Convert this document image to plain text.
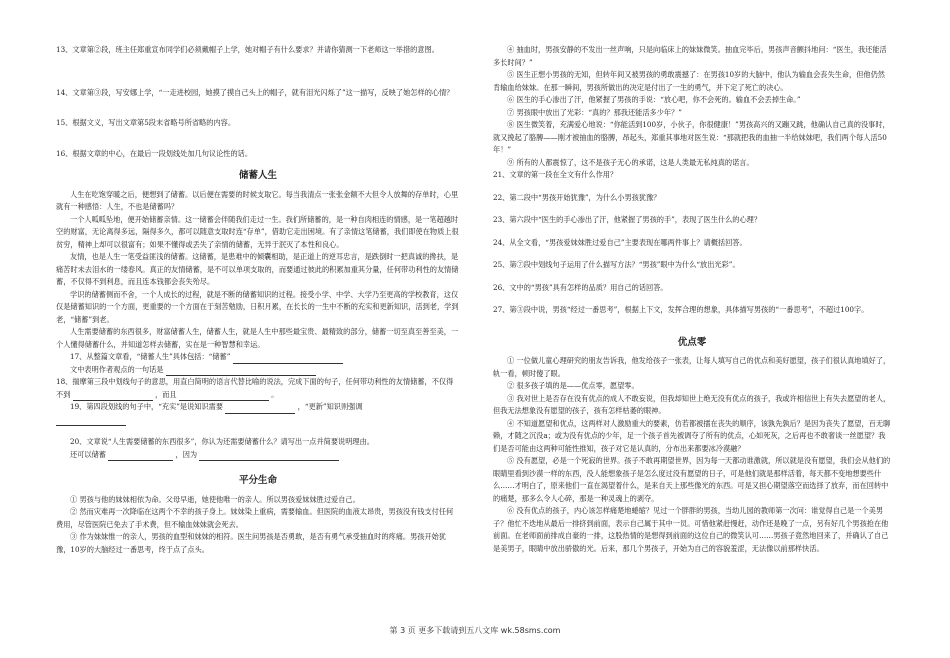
13、文章第②段，班主任郑重宣布同学们必须戴帽子上学，她对帽子有什么要求？并请你猜测一下老师这一举措的意图。

14、文章第③段，写安娜上学，“一走进校园，她摸了摸自己头上的帽子，就有泪光闪烁了”这一描写，反映了她怎样的心情？

15、根据文义，写出文章第5段末省略号所省略的内容。

16、根据文章的中心，在最后一段划线处加几句议论性的话。

储蓄人生

人生在吃饱穿暖之后，便想到了储蓄。以后便在需要的时候支取它。每当我清点一张张金额不大但令人放舞的存单时，心里就有一种感悟：人生，不也是储蓄吗？

一个人呱呱坠地，便开始储蓄亲情。这一储蓄会伴随我们走过一生。我们所储蓄的，是一种自肉相连的情感，是一笔超越时空的财富，无论离得多远，隔得多久，都可以随意支取时连“存单”，借助它走出困境。有了亲情这笔储蓄，我们即使在物质上很贫穷，精神上却可以很富有；如果不懂得或丢失了亲情的储蓄，无异于泯灭了本性和良心。

友情，也是人生一笔受益匪浅的储蓄。这储蓄，是患难中的倾囊相助，是正道上的逆耳忠言，是跌倒时一把真诚的搀扶，是痛苦时未去泪水的一缕春风。真正的友情储蓄，是不可以单项支取的，而要通过彼此的积累加重其分量，任何带功利性的友情储蓄，不仅得不到利息，而且连本钱都会丧失殆尽。

学识的储蓄侧而不舍，一个人成长的过程，就是不断的储蓄知识的过程。接受小学、中学、大学乃至更高的学校教育，这仅仅是储蓄知识的一个方面，更重要的一个方面在于刻苦勉励，日积月累，在长长的一生中不断的充实和更新知识，活到老，学到老，“储蓄”到老。

人生需要储蓄的东西很多，财富储蓄人生，储蓄人生，就是人生中那些最宝贵、最精致的部分，储蓄一切至真至善至美，一个人懂得储蓄什么，并知道怎样去储蓄，实在是一种智慧和幸运。

17、从整篇文章看，“储蓄人生”具体包括：“储蓄”

文中表明作者观点的一句话是

18、揣摩第三段中划线句子的意思，用直白简明的语言代替比喻的说法，完成下面的句子，任何带功利性的友情储蓄，不仅得不到	，而且	。

19、第四段划线的句子中，“充实”是说知识需要	，“更新”知识则强调

20、文章说“人生需要储蓄的东西很多”，你认为还需要储蓄什么？请写出一点并简要说明理由。

还可以储蓄	，因为

平分生命

① 男孩与他的妹妹相依为命。父母早逝，她使他唯一的亲人。所以男孩爱妹妹胜过爱自己。

② 然而灾难再一次降临在这两个不幸的孩子身上。妹妹染上重病，需要输血。但医院的血液太昂贵，男孩没有钱支付任何费用，尽管医院已免去了手术费，但不输血妹妹就会死去。

③ 作为妹妹惟一的亲人，男孩的血型和妹妹的相符。医生问男孩是否勇敢，是否有勇气承受抽血时的疼痛。男孩开始犹豫，10岁的大脑经过一番思考，终于点了点头。

④ 抽血时，男孩安静的不发出一丝声响，只是向临床上的妹妹微笑。抽血完毕后，男孩声音颤抖地问：“医生，我还能活多长时间？”

⑤ 医生正想小男孩的无知，但转年间又被男孩的勇敢震撼了：在男孩10岁的大脑中，他认为输血会丧失生命，但他仍然肯输血给妹妹。在那一瞬间，男孩所做出的决定是付出了一生的勇气，并下定了死亡的决心。

⑥ 医生的手心渗出了汗，他紧握了男孩的手说：“放心吧，你不会死的。输血不会丢掉生命。”

⑦ 男孩眼中放出了光彩：“真的？那我还能活多少年？”

⑧ 医生微笑着，充满爱心地说：“你能活到100岁，小伙子，你很健康！”男孩高兴的又蹦又跳，他确认自己真的没事时，就又挽起了胳膊——刚才被抽血的胳膊，昂起头，郑重其事地对医生说：“那就把我的血抽一半给妹妹吧，我们两个每人活50年！”

⑨ 所有的人都震惊了，这不是孩子无心的承诺，这是人类最无私纯真的诺言。

21、文章的第一段在全文有什么作用？

22、第二段中“男孩开始犹豫”，为什么小男孩犹豫？

23、第六段中“医生的手心渗出了汗，他紧握了男孩的手”，表现了医生什么的心理？

24、从全文看，“男孩爱妹妹胜过爱自己”主要表现在哪两件事上？请概括回答。

25、第⑦段中划线句子运用了什么描写方法？“男孩”眼中为什么“放出光彩”。

26、文中的“男孩”具有怎样的品质？用自己的话回答。

27、第③段中说，男孩“经过一番思考”，根据上下文，发挥合理的想象，具体描写男孩的“一番思考”，不超过100字。

优点零

① 一位做儿童心理研究的朋友告诉我，他发给孩子一张表，让每人填写自己的优点和美好愿望，孩子们很认真地填好了，轨一看，顿时傻了眼。

② 很多孩子填的是——优点零，愿望零。

③ 我对世上是否存在没有优点的成人不敢妄说，但我却知世上绝无没有优点的孩子，我或许相信世上有失去愿望的老人，但我无法想象没有愿望的孩子，孩有怎样枯萎的眼神。

④ 不知道愿望和优点，这两样对人激励重大的要素，仿若都被擂在丧失的顺序，该孰先孰后？是因为丧失了愿望，百无聊赖，才随之沉没a；或为没有优点的少年，足一个孩子首先被调夺了所有的优点，心如死灰，之后再也不敢奢谈一丝愿望？我们是否可能由这两种可能性推知，孩子对它是认真的，分布出来都要冰冷漠融？

⑤ 没有愿望，必是一个死寂的世界。孩子不敢再期望世界，因为每一天都动谁激就，所以就是没有愿望，我们会从他们的眼睛里看到沙漠一样的东西，没人能想象孩子是怎么度过没有愿望的日子，可是他们就是那样活着，每天都不变地想要些什么……才明白了，原来他们一直在渴望着什么，是来自天上那些像光的东西。可是又担心期望落空而选择了放弃，而在回转中的痛楚，那多么令人心碎，那是一种灵魂上的剥夺。

⑥ 没有优点的孩子，内心该怎样痛楚地蜷缩？见过一个胖胖的男孩，当幼儿园的教师第一次问：谁觉得自己是一个美男子？他忙不迭地从最后一排挤到前面，表示自己属于其中一员。可惜他紧赶慢赶，动作还是晚了一点，另有好几个男孩抢在他前面。在老师面前排成自豪的一排，这股热情的是想得到前面的这位自己的微笑认可……男孩子竟然地回来了，并确认了自己是美男子，眼睛中放出骄傲的光。后来，那几个男孩子，开始为自己的容貌羞涩，无法像以前那样快活。

第 3 页 更多下载请到五八文库 wk.58sms.com
